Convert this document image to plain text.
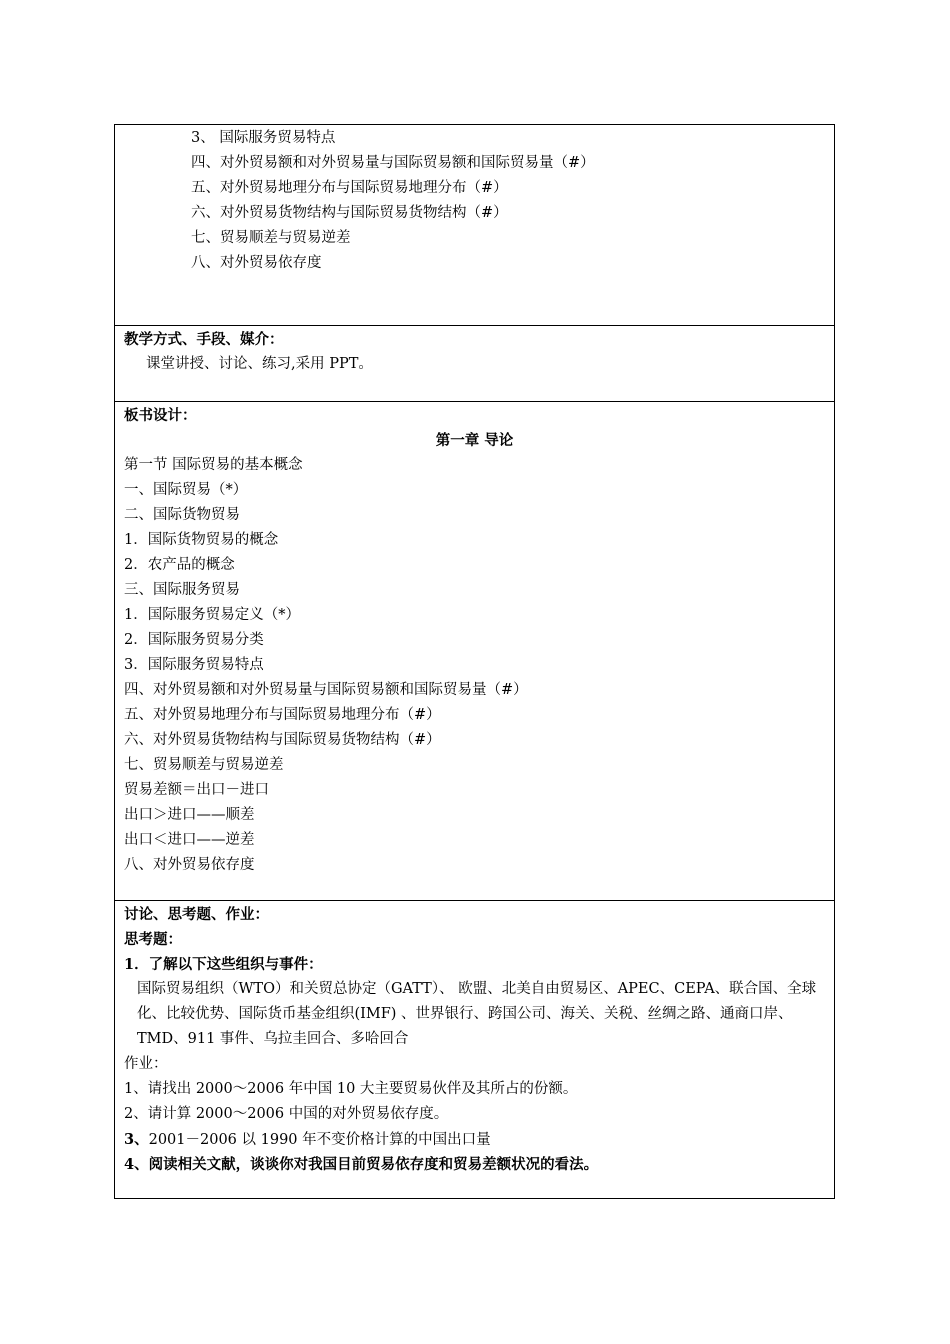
3、 国际服务贸易特点
四、对外贸易额和对外贸易量与国际贸易额和国际贸易量（#）
五、对外贸易地理分布与国际贸易地理分布（#）
六、对外贸易货物结构与国际贸易货物结构（#）
七、贸易顺差与贸易逆差
八、对外贸易依存度
教学方式、手段、媒介：
课堂讲授、讨论、练习,采用 PPT。
板书设计：
第一章 导论
第一节 国际贸易的基本概念
一、国际贸易（*）
二、国际货物贸易
1．国际货物贸易的概念
2．农产品的概念
三、国际服务贸易
1．国际服务贸易定义（*）
2．国际服务贸易分类
3．国际服务贸易特点
四、对外贸易额和对外贸易量与国际贸易额和国际贸易量（#）
五、对外贸易地理分布与国际贸易地理分布（#）
六、对外贸易货物结构与国际贸易货物结构（#）
七、贸易顺差与贸易逆差
贸易差额＝出口－进口
出口＞进口——顺差
出口＜进口——逆差
八、对外贸易依存度
讨论、思考题、作业：
思考题：
1．了解以下这些组织与事件：
国际贸易组织（WTO）和关贸总协定（GATT）、 欧盟、北美自由贸易区、APEC、CEPA、联合国、全球化、比较优势、国际货币基金组织(IMF) 、世界银行、跨国公司、海关、关税、丝绸之路、通商口岸、TMD、911 事件、乌拉圭回合、多哈回合
作业：
1、请找出 2000～2006 年中国 10 大主要贸易伙伴及其所占的份额。
2、请计算 2000～2006 中国的对外贸易依存度。
3、2001－2006 以 1990 年不变价格计算的中国出口量
4、阅读相关文献，谈谈你对我国目前贸易依存度和贸易差额状况的看法。
